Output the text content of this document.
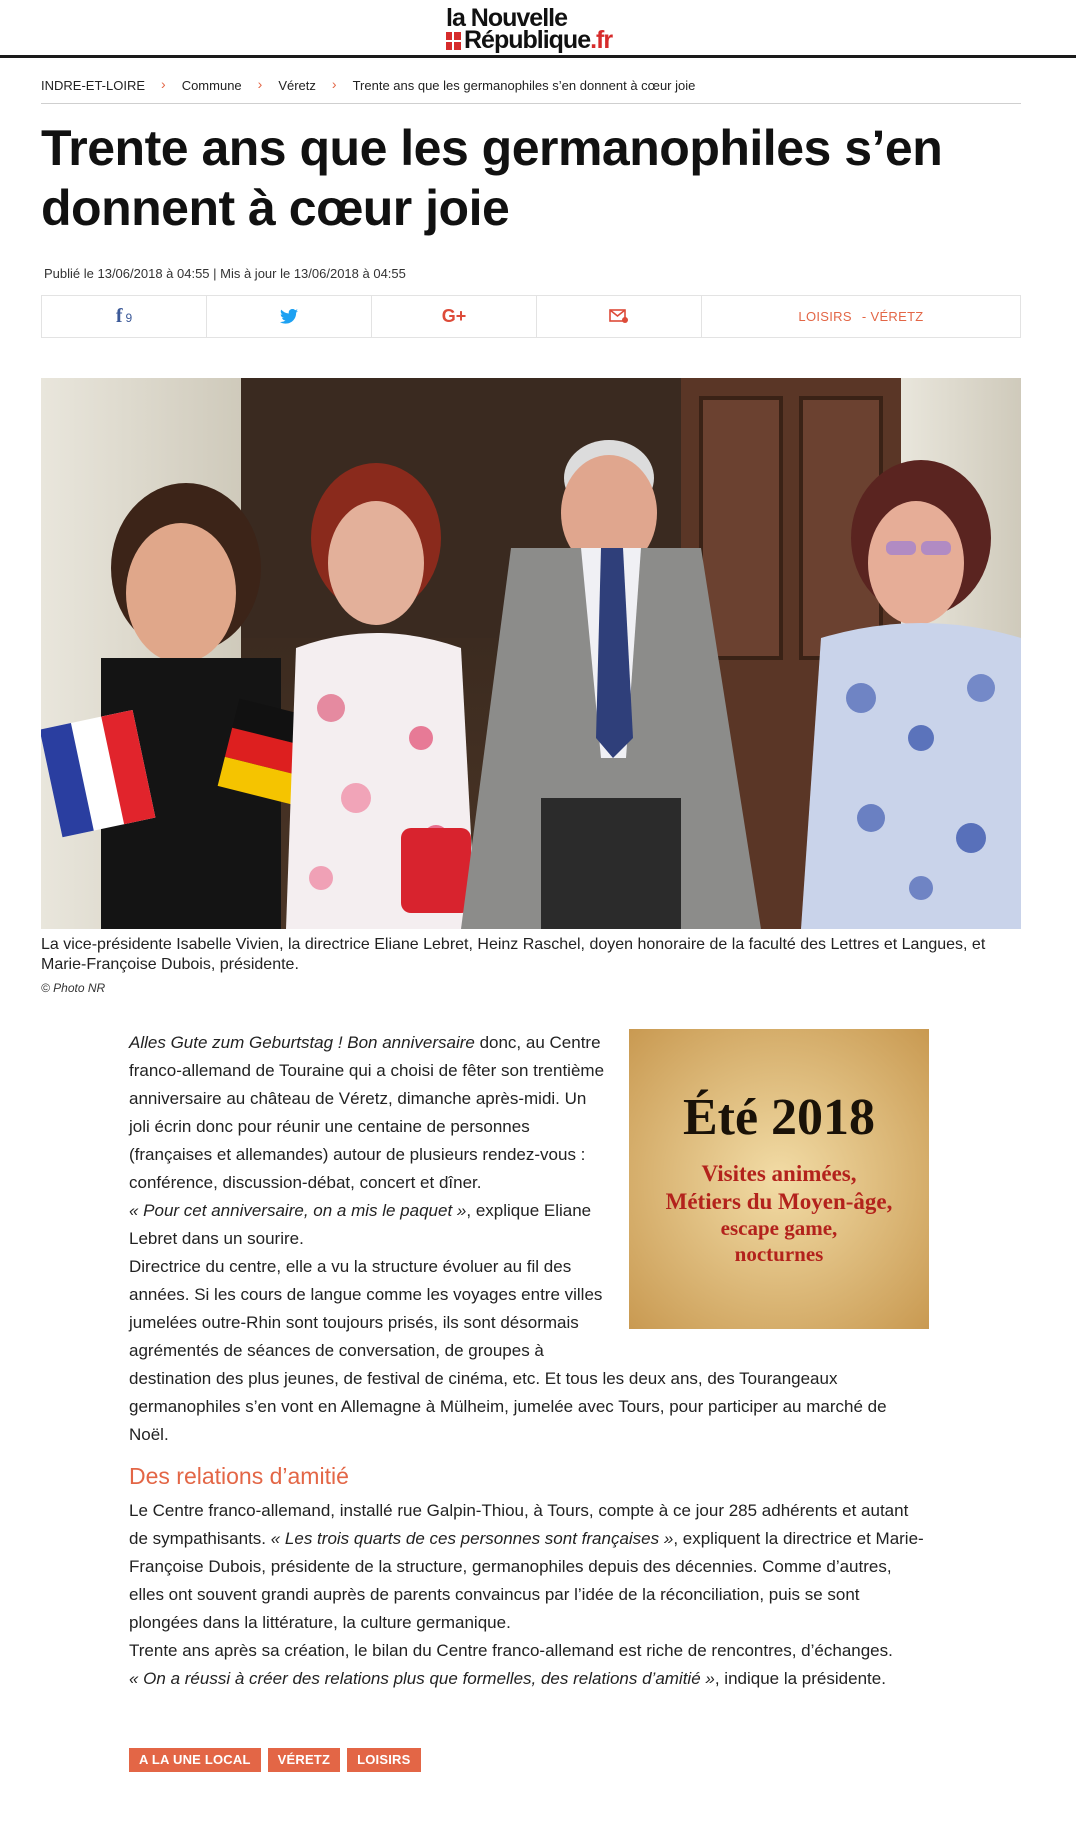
la Nouvelle
République.fr
INDRE-ET-LOIRE › Commune › Véretz › Trente ans que les germanophiles s’en donnent à cœur joie
Trente ans que les germanophiles s’en donnent à cœur joie
Publié le 13/06/2018 à 04:55 | Mis à jour le 13/06/2018 à 04:55
f 9	G+	LOISIRS - VÉRETZ
La vice-présidente Isabelle Vivien, la directrice Eliane Lebret, Heinz Raschel, doyen honoraire de la faculté des Lettres et Langues, et Marie-Françoise Dubois, présidente.
© Photo NR
Été 2018
Visites animées,
Métiers du Moyen-âge,
escape game,
nocturnes

Alles Gute zum Geburtstag ! Bon anniversaire donc, au Centre franco-allemand de Touraine qui a choisi de fêter son trentième anniversaire au château de Véretz, dimanche après-midi. Un joli écrin donc pour réunir une centaine de personnes (françaises et allemandes) autour de plusieurs rendez-vous : conférence, discussion-débat, concert et dîner.

« Pour cet anniversaire, on a mis le paquet », explique Eliane Lebret dans un sourire.

Directrice du centre, elle a vu la structure évoluer au fil des années. Si les cours de langue comme les voyages entre villes jumelées outre-Rhin sont toujours prisés, ils sont désormais agrémentés de séances de conversation, de groupes à destination des plus jeunes, de festival de cinéma, etc. Et tous les deux ans, des Tourangeaux germanophiles s’en vont en Allemagne à Mülheim, jumelée avec Tours, pour participer au marché de Noël.

Des relations d’amitié

Le Centre franco-allemand, installé rue Galpin-Thiou, à Tours, compte à ce jour 285 adhérents et autant de sympathisants. « Les trois quarts de ces personnes sont françaises », expliquent la directrice et Marie-Françoise Dubois, présidente de la structure, germanophiles depuis des décennies. Comme d’autres, elles ont souvent grandi auprès de parents convaincus par l’idée de la réconciliation, puis se sont plongées dans la littérature, la culture germanique.

Trente ans après sa création, le bilan du Centre franco-allemand est riche de rencontres, d’échanges.

« On a réussi à créer des relations plus que formelles, des relations d’amitié », indique la présidente.

A LA UNE LOCAL	VÉRETZ	LOISIRS
